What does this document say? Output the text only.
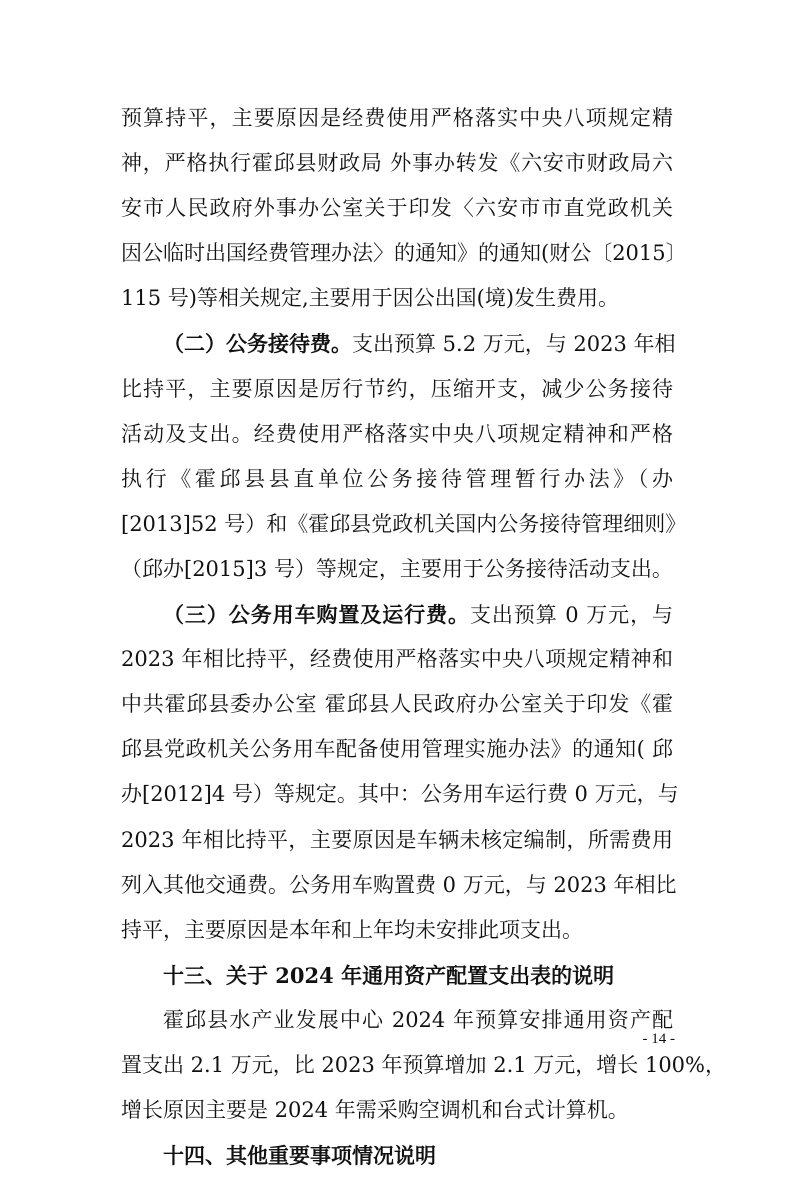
预算持平，主要原因是经费使用严格落实中央八项规定精
神，严格执行霍邱县财政局 外事办转发《六安市财政局六
安市人民政府外事办公室关于印发〈六安市市直党政机关
因公临时出国经费管理办法〉的通知》的通知(财公〔2015〕
115 号)等相关规定,主要用于因公出国(境)发生费用。
（二）公务接待费。支出预算 5.2 万元，与 2023 年相
比持平，主要原因是厉行节约，压缩开支，减少公务接待
活动及支出。经费使用严格落实中央八项规定精神和严格
执行《霍邱县县直单位公务接待管理暂行办法》（办
[2013]52 号）和《霍邱县党政机关国内公务接待管理细则》
（邱办[2015]3 号）等规定，主要用于公务接待活动支出。
（三）公务用车购置及运行费。支出预算 0 万元，与
2023 年相比持平，经费使用严格落实中央八项规定精神和
中共霍邱县委办公室 霍邱县人民政府办公室关于印发《霍
邱县党政机关公务用车配备使用管理实施办法》的通知( 邱
办[2012]4 号）等规定。其中：公务用车运行费 0 万元，与
2023 年相比持平，主要原因是车辆未核定编制，所需费用
列入其他交通费。公务用车购置费 0 万元，与 2023 年相比
持平，主要原因是本年和上年均未安排此项支出。
十三、关于 2024 年通用资产配置支出表的说明
霍邱县水产业发展中心 2024 年预算安排通用资产配
置支出 2.1 万元，比 2023 年预算增加 2.1 万元，增长 100%，
增长原因主要是 2024 年需采购空调机和台式计算机。
十四、其他重要事项情况说明
- 14 -
